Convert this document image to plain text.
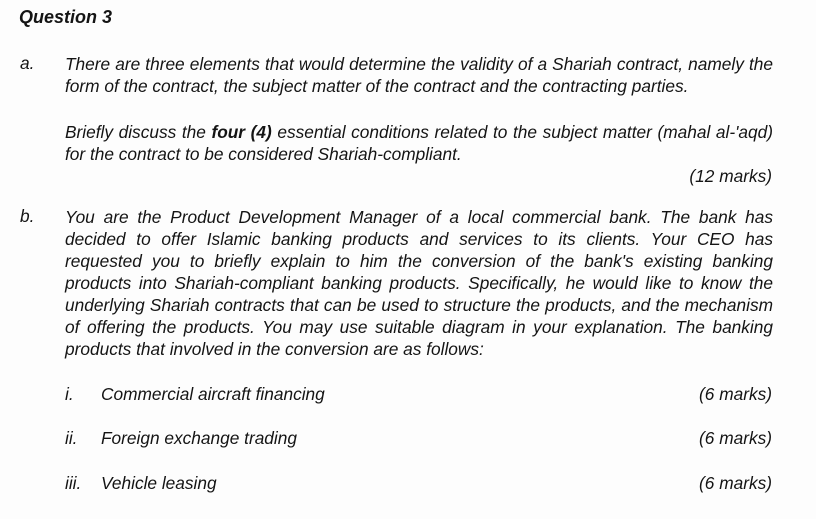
Question 3
a. There are three elements that would determine the validity of a Shariah contract, namely the form of the contract, the subject matter of the contract and the contracting parties.

Briefly discuss the four (4) essential conditions related to the subject matter (mahal al-'aqd) for the contract to be considered Shariah-compliant.

(12 marks)
b. You are the Product Development Manager of a local commercial bank. The bank has decided to offer Islamic banking products and services to its clients. Your CEO has requested you to briefly explain to him the conversion of the bank's existing banking products into Shariah-compliant banking products. Specifically, he would like to know the underlying Shariah contracts that can be used to structure the products, and the mechanism of offering the products. You may use suitable diagram in your explanation. The banking products that involved in the conversion are as follows:

i. Commercial aircraft financing	(6 marks)
ii. Foreign exchange trading	(6 marks)
iii. Vehicle leasing	(6 marks)
